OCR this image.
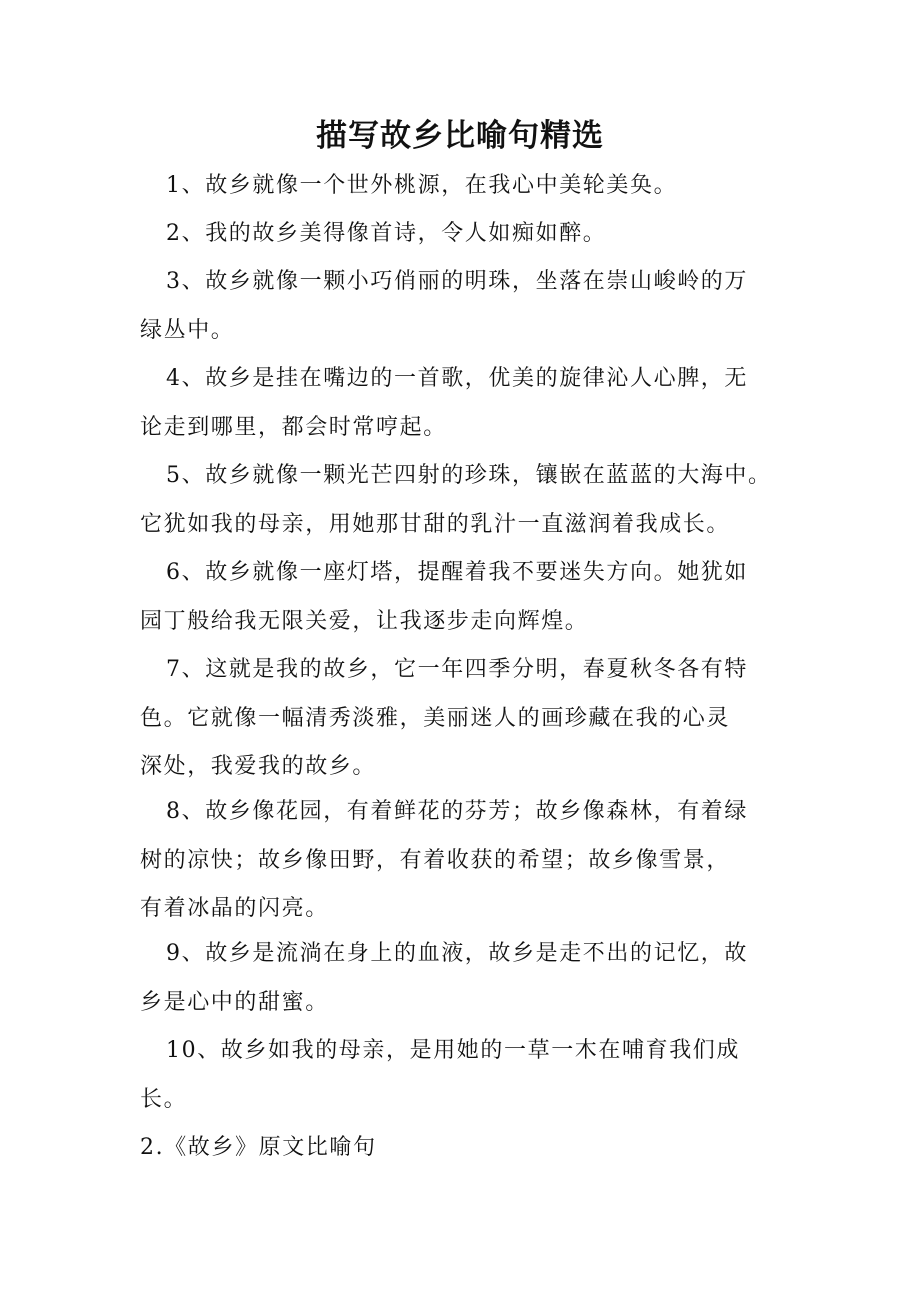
描写故乡比喻句精选
1、故乡就像一个世外桃源，在我心中美轮美奂。
2、我的故乡美得像首诗，令人如痴如醉。
3、故乡就像一颗小巧俏丽的明珠，坐落在崇山峻岭的万
绿丛中。
4、故乡是挂在嘴边的一首歌，优美的旋律沁人心脾，无
论走到哪里，都会时常哼起。
5、故乡就像一颗光芒四射的珍珠，镶嵌在蓝蓝的大海中。
它犹如我的母亲，用她那甘甜的乳汁一直滋润着我成长。
6、故乡就像一座灯塔，提醒着我不要迷失方向。她犹如
园丁般给我无限关爱，让我逐步走向辉煌。
7、这就是我的故乡，它一年四季分明，春夏秋冬各有特
色。它就像一幅清秀淡雅，美丽迷人的画珍藏在我的心灵
深处，我爱我的故乡。
8、故乡像花园，有着鲜花的芬芳；故乡像森林，有着绿
树的凉快；故乡像田野，有着收获的希望；故乡像雪景，
有着冰晶的闪亮。
9、故乡是流淌在身上的血液，故乡是走不出的记忆，故
乡是心中的甜蜜。
10、故乡如我的母亲，是用她的一草一木在哺育我们成
长。
2.《故乡》原文比喻句
